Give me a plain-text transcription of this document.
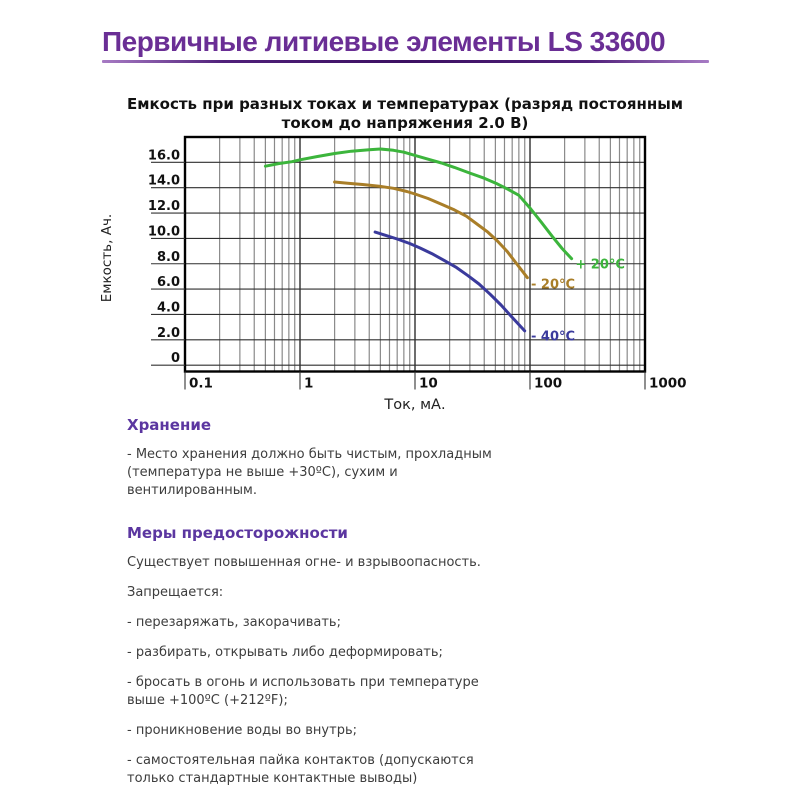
Первичные литиевые элементы LS 33600
Емкость при разных токах и температурах (разряд постоянным
током до напряжения 2.0 В)
Емкость, Ач.	+ 20°C
- 20°C
- 40°C
0
2.0
4.0
6.0
8.0
10.0
12.0
14.0
16.0
0.1	1	10	100	1000
Ток, мА.
Хранение

- Место хранения должно быть чистым, прохладным (температура не выше +30ºС), сухим и вентилированным.

Меры предосторожности

Существует повышенная огне- и взрывоопасность.

Запрещается:

- перезаряжать, закорачивать;

- разбирать, открывать либо деформировать;

- бросать в огонь и использовать при температуре выше +100ºС (+212ºF);

- проникновение воды во внутрь;

- самостоятельная пайка контактов (допускаются только стандартные контактные выводы)
